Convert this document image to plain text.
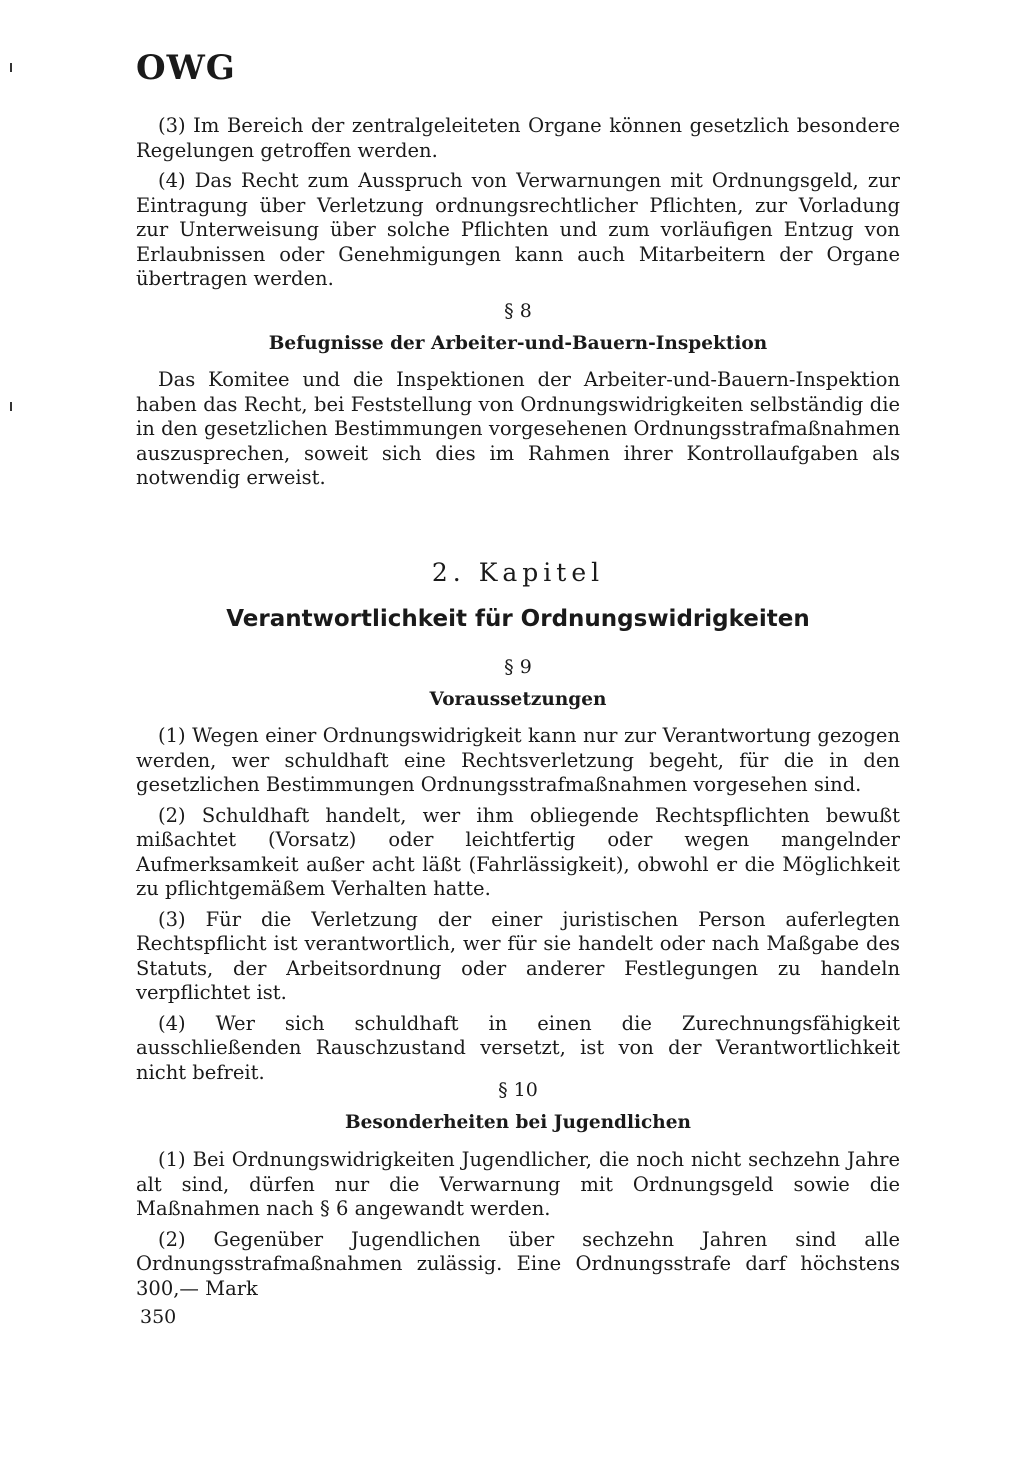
OWG

(3) Im Bereich der zentralgeleiteten Organe können gesetzlich besondere Regelungen getroffen werden.

(4) Das Recht zum Ausspruch von Verwarnungen mit Ordnungsgeld, zur Eintragung über Verletzung ordnungsrechtlicher Pflichten, zur Vorladung zur Unterweisung über solche Pflichten und zum vorläufigen Entzug von Erlaubnissen oder Genehmigungen kann auch Mitarbeitern der Organe übertragen werden.

§ 8
Befugnisse der Arbeiter-und-Bauern-Inspektion

Das Komitee und die Inspektionen der Arbeiter-und-Bauern-Inspektion haben das Recht, bei Feststellung von Ordnungswidrigkeiten selbständig die in den gesetzlichen Bestimmungen vorgesehenen Ordnungsstrafmaßnahmen auszusprechen, soweit sich dies im Rahmen ihrer Kontrollaufgaben als notwendig erweist.

2. Kapitel
Verantwortlichkeit für Ordnungswidrigkeiten
§ 9
Voraussetzungen

(1) Wegen einer Ordnungswidrigkeit kann nur zur Verantwortung gezogen werden, wer schuldhaft eine Rechtsverletzung begeht, für die in den gesetzlichen Bestimmungen Ordnungsstrafmaßnahmen vorgesehen sind.

(2) Schuldhaft handelt, wer ihm obliegende Rechtspflichten bewußt mißachtet (Vorsatz) oder leichtfertig oder wegen mangelnder Aufmerksamkeit außer acht läßt (Fahrlässigkeit), obwohl er die Möglichkeit zu pflichtgemäßem Verhalten hatte.

(3) Für die Verletzung der einer juristischen Person auferlegten Rechtspflicht ist verantwortlich, wer für sie handelt oder nach Maßgabe des Statuts, der Arbeitsordnung oder anderer Festlegungen zu handeln verpflichtet ist.

(4) Wer sich schuldhaft in einen die Zurechnungsfähigkeit ausschließenden Rauschzustand versetzt, ist von der Verantwortlichkeit nicht befreit.

§ 10
Besonderheiten bei Jugendlichen

(1) Bei Ordnungswidrigkeiten Jugendlicher, die noch nicht sechzehn Jahre alt sind, dürfen nur die Verwarnung mit Ordnungsgeld sowie die Maßnahmen nach § 6 angewandt werden.

(2) Gegenüber Jugendlichen über sechzehn Jahren sind alle Ordnungsstrafmaßnahmen zulässig. Eine Ordnungsstrafe darf höchstens 300,— Mark

350
